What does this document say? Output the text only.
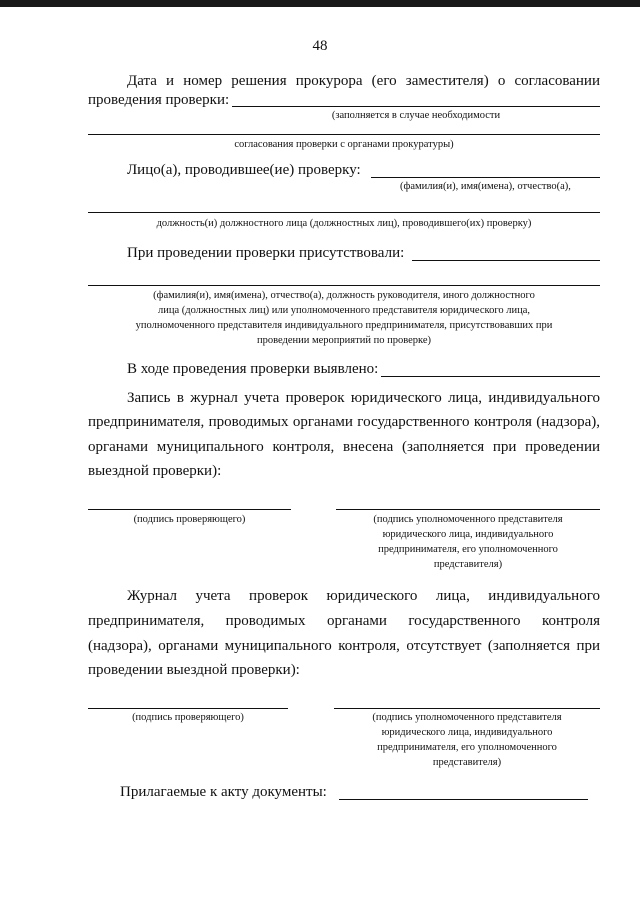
48
Дата и номер решения прокурора (его заместителя) о согласовании
проведения проверки:
(заполняется в случае необходимости
согласования проверки с органами прокуратуры)
Лицо(а), проводившее(ие) проверку:
(фамилия(и), имя(имена), отчество(а),
должность(и) должностного лица (должностных лиц), проводившего(их) проверку)
При проведении проверки присутствовали:
(фамилия(и), имя(имена), отчество(а), должность руководителя, иного должностного
лица (должностных лиц) или уполномоченного представителя юридического лица,
уполномоченного представителя индивидуального предпринимателя, присутствовавших при
проведении мероприятий по проверке)
В ходе проведения проверки выявлено:
Запись в журнал учета проверок юридического лица, индивидуального
предпринимателя, проводимых органами государственного контроля (надзора),
органами муниципального контроля, внесена (заполняется при проведении
выездной проверки):
(подпись проверяющего)	(подпись уполномоченного представителя
юридического лица, индивидуального
предпринимателя, его уполномоченного
представителя)
Журнал учета проверок юридического лица, индивидуального
предпринимателя, проводимых органами государственного контроля
(надзора), органами муниципального контроля, отсутствует (заполняется при
проведении выездной проверки):
(подпись проверяющего)	(подпись уполномоченного представителя
юридического лица, индивидуального
предпринимателя, его уполномоченного
представителя)
Прилагаемые к акту документы:
